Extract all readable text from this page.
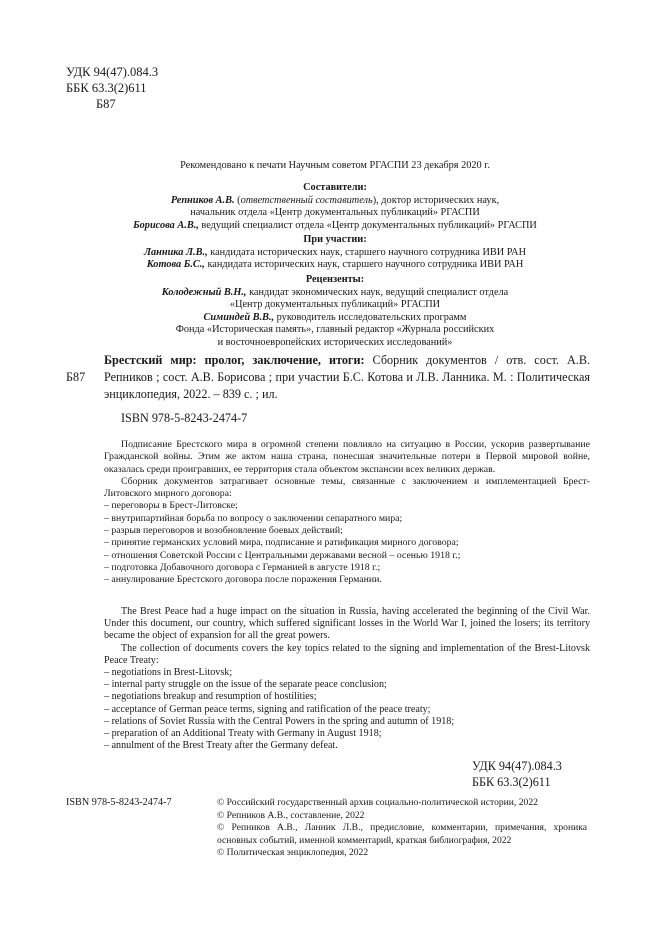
УДК 94(47).084.3
ББК 63.3(2)611
Б87
Рекомендовано к печати Научным советом РГАСПИ 23 декабря 2020 г.
Составители:
Репников А.В. (ответственный составитель), доктор исторических наук,
начальник отдела «Центр документальных публикаций» РГАСПИ
Борисова А.В., ведущий специалист отдела «Центр документальных публикаций» РГАСПИ
При участии:
Ланника Л.В., кандидата исторических наук, старшего научного сотрудника ИВИ РАН
Котова Б.С., кандидата исторических наук, старшего научного сотрудника ИВИ РАН
Рецензенты:
Колодежный В.Н., кандидат экономических наук, ведущий специалист отдела
«Центр документальных публикаций» РГАСПИ
Симиндей В.В., руководитель исследовательских программ
Фонда «Историческая память», главный редактор «Журнала российских
и восточноевропейских исторических исследований»
Б87
Брестский мир: пролог, заключение, итоги: Сборник документов / отв. сост. А.В. Репников ; сост. А.В. Борисова ; при участии Б.С. Котова и Л.В. Ланника. М. : Политическая энциклопедия, 2022. – 839 с. ; ил.
ISBN 978-5-8243-2474-7

Подписание Брестского мира в огромной степени повлияло на ситуацию в России, ускорив развертывание Гражданской войны. Этим же актом наша страна, понесшая значительные потери в Первой мировой войне, оказалась среди проигравших, ее территория стала объектом экспансии всех великих держав.

Сборник документов затрагивает основные темы, связанные с заключением и имплементацией Брест-Литовского мирного договора:

– переговоры в Брест-Литовске;
– внутрипартийная борьба по вопросу о заключении сепаратного мира;
– разрыв переговоров и возобновление боевых действий;
– принятие германских условий мира, подписание и ратификация мирного договора;
– отношения Советской России с Центральными державами весной – осенью 1918 г.;
– подготовка Добавочного договора с Германией в августе 1918 г.;
– аннулирование Брестского договора после поражения Германии.

The Brest Peace had a huge impact on the situation in Russia, having accelerated the beginning of the Civil War. Under this document, our country, which suffered significant losses in the World War I, joined the losers; its territory became the object of expansion for all the great powers.

The collection of documents covers the key topics related to the signing and implementation of the Brest-Litovsk Peace Treaty:

– negotiations in Brest-Litovsk;
– internal party struggle on the issue of the separate peace conclusion;
– negotiations breakup and resumption of hostilities;
– acceptance of German peace terms, signing and ratification of the peace treaty;
– relations of Soviet Russia with the Central Powers in the spring and autumn of 1918;
– preparation of an Additional Treaty with Germany in August 1918;
– annulment of the Brest Treaty after the Germany defeat.
УДК 94(47).084.3
ББК 63.3(2)611
ISBN 978-5-8243-2474-7	© Российский государственный архив социально-политической истории, 2022
© Репников А.В., составление, 2022
© Репников А.В., Ланник Л.В., предисловие, комментарии, примечания, хроника основных событий, именной комментарий, краткая библиография, 2022
© Политическая энциклопедия, 2022
